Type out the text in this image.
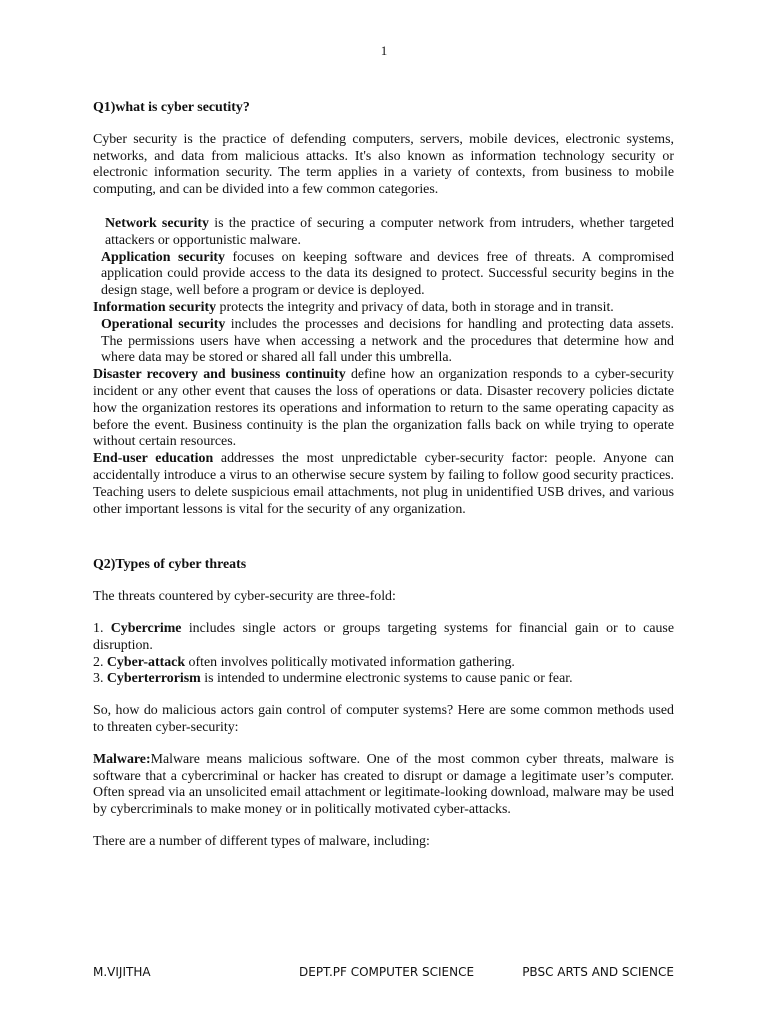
1

Q1)what is cyber secutity?

Cyber security is the practice of defending computers, servers, mobile devices, electronic systems, networks, and data from malicious attacks. It's also known as information technology security or electronic information security. The term applies in a variety of contexts, from business to mobile computing, and can be divided into a few common categories.

Network security is the practice of securing a computer network from intruders, whether targeted attackers or opportunistic malware.

Application security focuses on keeping software and devices free of threats. A compromised application could provide access to the data its designed to protect. Successful security begins in the design stage, well before a program or device is deployed.

Information security protects the integrity and privacy of data, both in storage and in transit.

Operational security includes the processes and decisions for handling and protecting data assets. The permissions users have when accessing a network and the procedures that determine how and where data may be stored or shared all fall under this umbrella.

Disaster recovery and business continuity define how an organization responds to a cyber-security incident or any other event that causes the loss of operations or data. Disaster recovery policies dictate how the organization restores its operations and information to return to the same operating capacity as before the event. Business continuity is the plan the organization falls back on while trying to operate without certain resources.

End-user education addresses the most unpredictable cyber-security factor: people. Anyone can accidentally introduce a virus to an otherwise secure system by failing to follow good security practices. Teaching users to delete suspicious email attachments, not plug in unidentified USB drives, and various other important lessons is vital for the security of any organization.

Q2)Types of cyber threats

The threats countered by cyber-security are three-fold:

1. Cybercrime includes single actors or groups targeting systems for financial gain or to cause disruption.

2. Cyber-attack often involves politically motivated information gathering.

3. Cyberterrorism is intended to undermine electronic systems to cause panic or fear.

So, how do malicious actors gain control of computer systems? Here are some common methods used to threaten cyber-security:

Malware:Malware means malicious software. One of the most common cyber threats, malware is software that a cybercriminal or hacker has created to disrupt or damage a legitimate user’s computer. Often spread via an unsolicited email attachment or legitimate-looking download, malware may be used by cybercriminals to make money or in politically motivated cyber-attacks.

There are a number of different types of malware, including:

M.VIJITHA	DEPT.PF COMPUTER SCIENCE	PBSC ARTS AND SCIENCE
